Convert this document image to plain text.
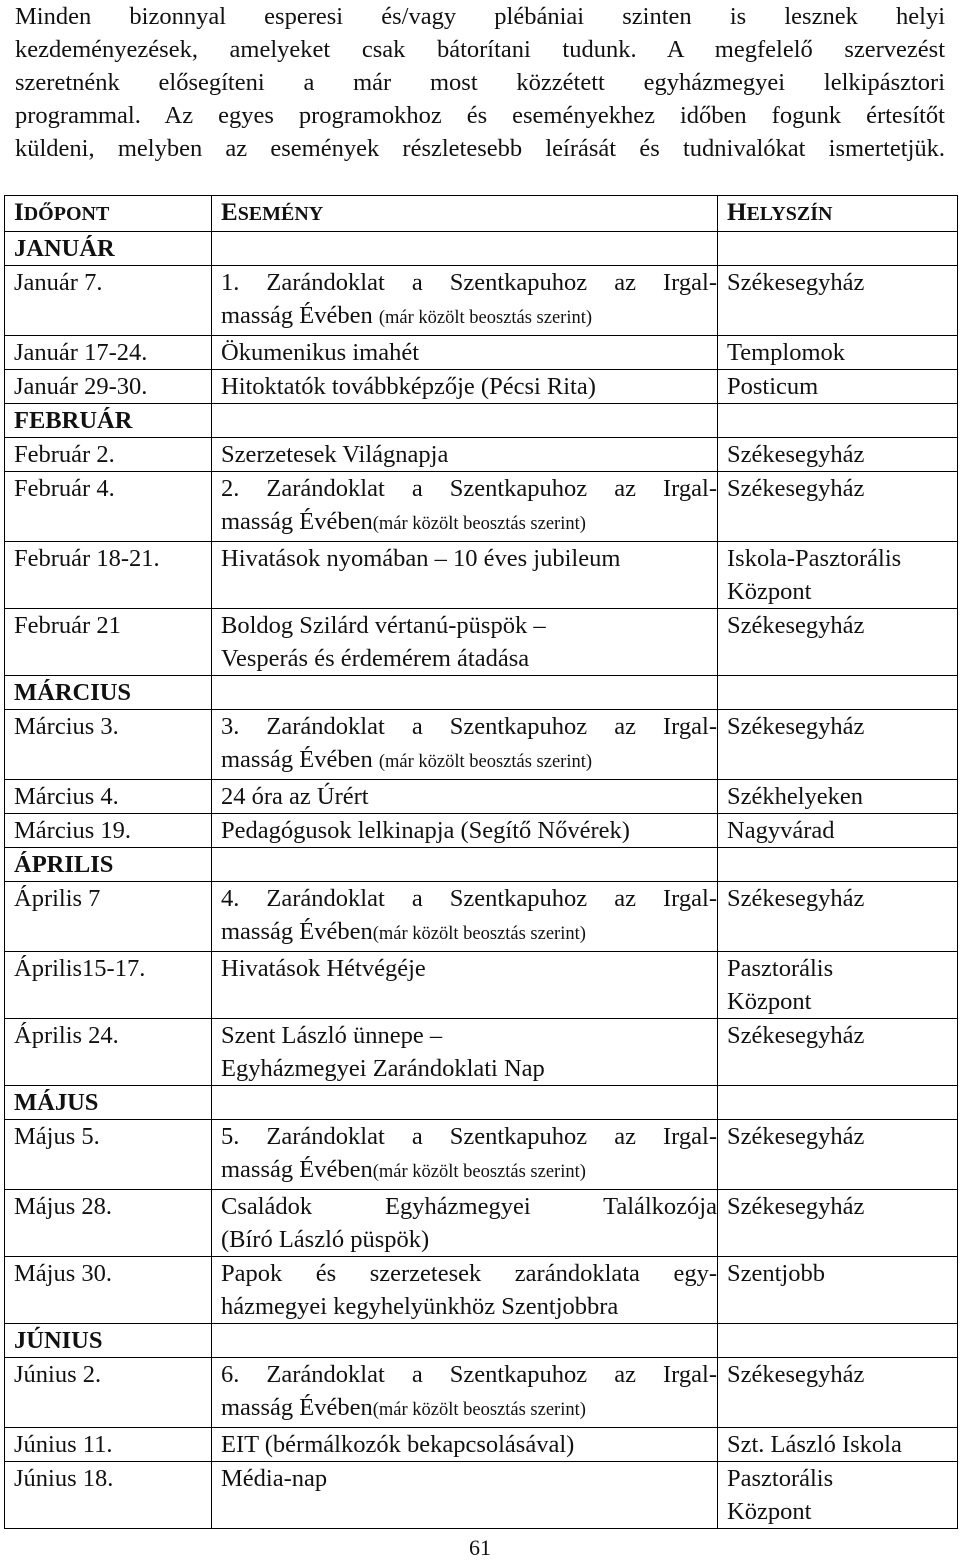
Minden bizonnyal esperesi és/vagy plébániai szinten is lesznek helyi
kezdeményezések, amelyeket csak bátorítani tudunk. A megfelelő szervezést
szeretnénk elősegíteni a már most közzétett egyházmegyei lelkipásztori
programmal. Az egyes programokhoz és eseményekhez időben fogunk értesítőt
küldeni, melyben az események részletesebb leírását és tudnivalókat ismertetjük.
IDŐPONT	ESEMÉNY	HELYSZÍN
JANUÁR		
Január 7.	1. Zarándoklat a Szentkapuhoz az Irgal-
masság Évében (már közölt beosztás szerint)	Székesegyház
Január 17-24.	Ökumenikus imahét	Templomok
Január 29-30.	Hitoktatók továbbképzője (Pécsi Rita)	Posticum
FEBRUÁR		
Február 2.	Szerzetesek Világnapja	Székesegyház
Február 4.	2. Zarándoklat a Szentkapuhoz az Irgal-
masság Évében(már közölt beosztás szerint)	Székesegyház
Február 18-21.	Hivatások nyomában – 10 éves jubileum	Iskola-Pasztorális
Központ
Február 21	Boldog Szilárd vértanú-püspök –
Vesperás és érdemérem átadása	Székesegyház
MÁRCIUS		
Március 3.	3. Zarándoklat a Szentkapuhoz az Irgal-
masság Évében (már közölt beosztás szerint)	Székesegyház
Március 4.	24 óra az Úrért	Székhelyeken
Március 19.	Pedagógusok lelkinapja (Segítő Nővérek)	Nagyvárad
ÁPRILIS		
Április 7	4. Zarándoklat a Szentkapuhoz az Irgal-
masság Évében(már közölt beosztás szerint)	Székesegyház
Április15-17.	Hivatások Hétvégéje	Pasztorális
Központ
Április 24.	Szent László ünnepe –
Egyházmegyei Zarándoklati Nap	Székesegyház
MÁJUS		
Május 5.	5. Zarándoklat a Szentkapuhoz az Irgal-
masság Évében(már közölt beosztás szerint)	Székesegyház
Május 28.	Családok Egyházmegyei Találkozója
(Bíró László püspök)	Székesegyház
Május 30.	Papok és szerzetesek zarándoklata egy-
házmegyei kegyhelyünkhöz Szentjobbra	Szentjobb
JÚNIUS		
Június 2.	6. Zarándoklat a Szentkapuhoz az Irgal-
masság Évében(már közölt beosztás szerint)	Székesegyház
Június 11.	EIT (bérmálkozók bekapcsolásával)	Szt. László Iskola
Június 18.	Média-nap	Pasztorális
Központ
61
